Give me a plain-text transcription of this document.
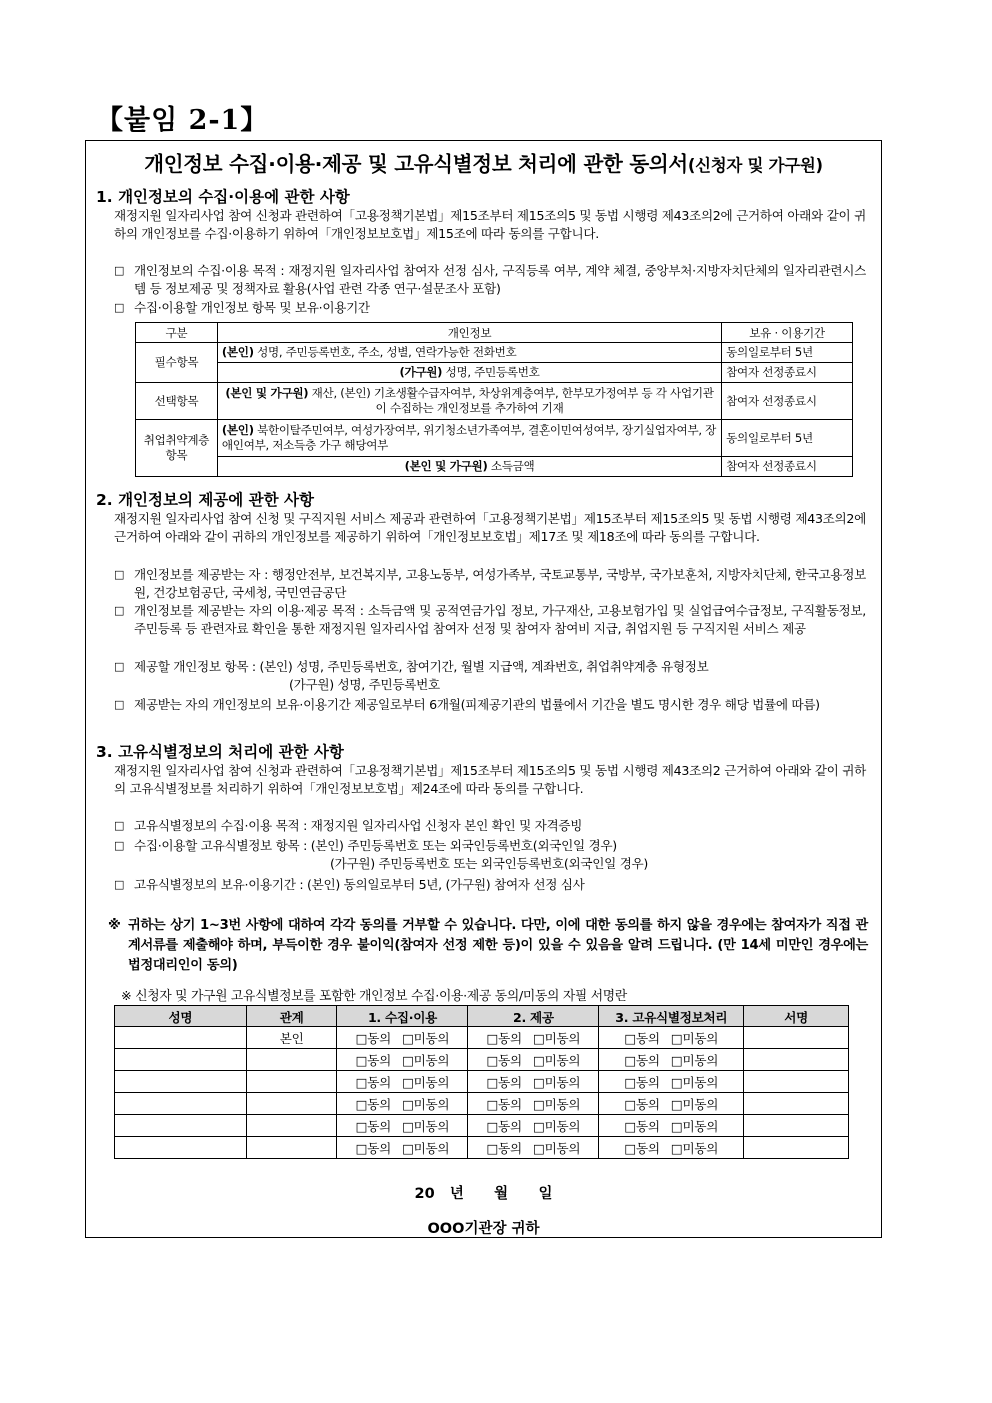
【붙임 2-1】
개인정보 수집·이용·제공 및 고유식별정보 처리에 관한 동의서(신청자 및 가구원)
1. 개인정보의 수집·이용에 관한 사항
재정지원 일자리사업 참여 신청과 관련하여「고용정책기본법」제15조부터 제15조의5 및 동법 시행령 제43조의2에 근거하여 아래와 같이 귀하의 개인정보를 수집·이용하기 위하여「개인정보보호법」제15조에 따라 동의를 구합니다.
□ 개인정보의 수집·이용 목적 : 재정지원 일자리사업 참여자 선정 심사, 구직등록 여부, 계약 체결, 중앙부처·지방자치단체의 일자리관련시스템 등 정보제공 및 정책자료 활용(사업 관련 각종 연구·설문조사 포함)
□ 수집·이용할 개인정보 항목 및 보유·이용기간
구분	개인정보	보유 · 이용기간
필수항목	(본인) 성명, 주민등록번호, 주소, 성별, 연락가능한 전화번호	동의일로부터 5년
	(가구원) 성명, 주민등록번호	참여자 선정종료시
선택항목	(본인 및 가구원) 재산, (본인) 기초생활수급자여부, 차상위계층여부, 한부모가정여부 등 각 사업기관이 수집하는 개인정보를 추가하여 기재	참여자 선정종료시
취업취약계층항목	(본인) 북한이탈주민여부, 여성가장여부, 위기청소년가족여부, 결혼이민여성여부, 장기실업자여부, 장애인여부, 저소득층 가구 해당여부	동의일로부터 5년
	(본인 및 가구원) 소득금액	참여자 선정종료시
2. 개인정보의 제공에 관한 사항
재정지원 일자리사업 참여 신청 및 구직지원 서비스 제공과 관련하여「고용정책기본법」제15조부터 제15조의5 및 동법 시행령 제43조의2에 근거하여 아래와 같이 귀하의 개인정보를 제공하기 위하여「개인정보보호법」제17조 및 제18조에 따라 동의를 구합니다.
□ 개인정보를 제공받는 자 : 행정안전부, 보건복지부, 고용노동부, 여성가족부, 국토교통부, 국방부, 국가보훈처, 지방자치단체, 한국고용정보원, 건강보험공단, 국세청, 국민연금공단
□ 개인정보를 제공받는 자의 이용·제공 목적 : 소득금액 및 공적연금가입 정보, 가구재산, 고용보험가입 및 실업급여수급정보, 구직활동정보, 주민등록 등 관련자료 확인을 통한 재정지원 일자리사업 참여자 선정 및 참여자 참여비 지급, 취업지원 등 구직지원 서비스 제공
□ 제공할 개인정보 항목 : (본인) 성명, 주민등록번호, 참여기간, 월별 지급액, 계좌번호, 취업취약계층 유형정보
(가구원) 성명, 주민등록번호
□ 제공받는 자의 개인정보의 보유·이용기간 제공일로부터 6개월(피제공기관의 법률에서 기간을 별도 명시한 경우 해당 법률에 따름)
3. 고유식별정보의 처리에 관한 사항
재정지원 일자리사업 참여 신청과 관련하여「고용정책기본법」제15조부터 제15조의5 및 동법 시행령 제43조의2 근거하여 아래와 같이 귀하의 고유식별정보를 처리하기 위하여「개인정보보호법」제24조에 따라 동의를 구합니다.
□ 고유식별정보의 수집·이용 목적 : 재정지원 일자리사업 신청자 본인 확인 및 자격증빙
□ 수집·이용할 고유식별정보 항목 : (본인) 주민등록번호 또는 외국인등록번호(외국인일 경우)
(가구원) 주민등록번호 또는 외국인등록번호(외국인일 경우)
□ 고유식별정보의 보유·이용기간 : (본인) 동의일로부터 5년, (가구원) 참여자 선정 심사
※ 귀하는 상기 1~3번 사항에 대하여 각각 동의를 거부할 수 있습니다. 다만, 이에 대한 동의를 하지 않을 경우에는 참여자가 직접 관계서류를 제출해야 하며, 부득이한 경우 불이익(참여자 선정 제한 등)이 있을 수 있음을 알려 드립니다. (만 14세 미만인 경우에는 법정대리인이 동의)
※ 신청자 및 가구원 고유식별정보를 포함한 개인정보 수집·이용·제공 동의/미동의 자필 서명란
성명	관계	1. 수집·이용	2. 제공	3. 고유식별정보처리	서명
	본인	□동의 □미동의	□동의 □미동의	□동의 □미동의	
		□동의 □미동의	□동의 □미동의	□동의 □미동의	
		□동의 □미동의	□동의 □미동의	□동의 □미동의	
		□동의 □미동의	□동의 □미동의	□동의 □미동의	
		□동의 □미동의	□동의 □미동의	□동의 □미동의	
		□동의 □미동의	□동의 □미동의	□동의 □미동의	
20   년      월      일
OOO기관장 귀하
